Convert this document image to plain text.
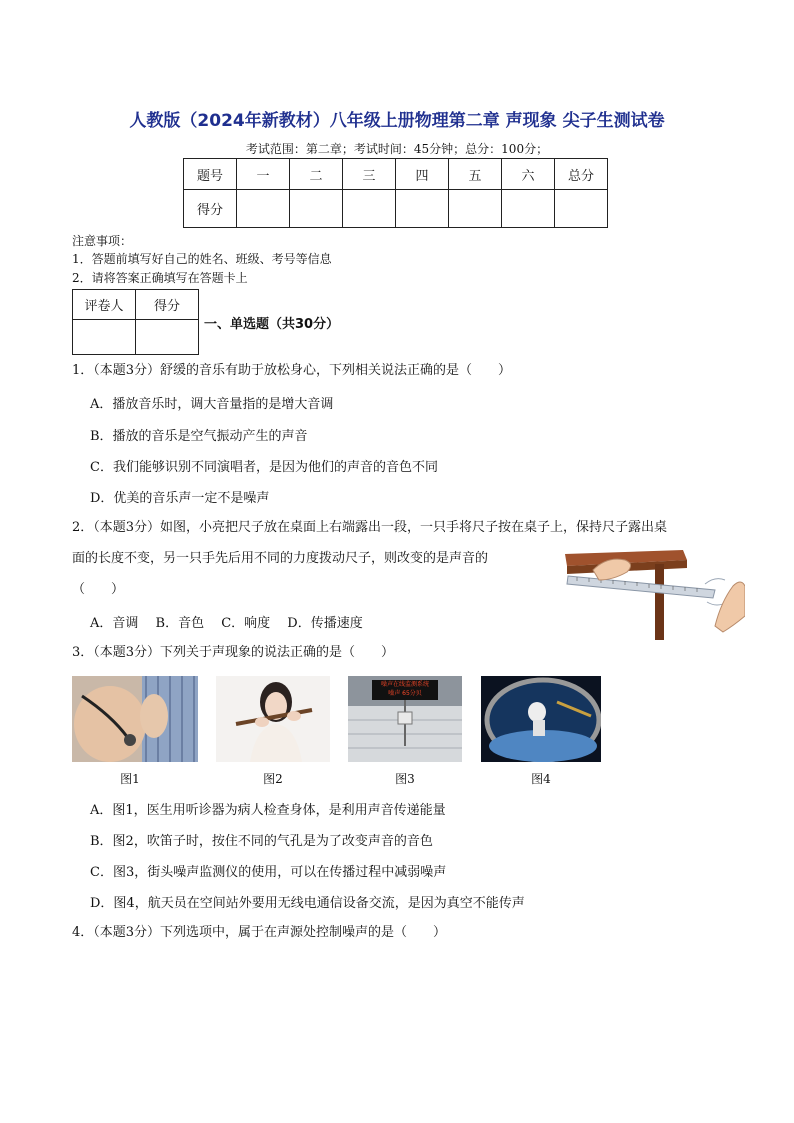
人教版（2024年新教材）八年级上册物理第二章 声现象 尖子生测试卷
考试范围：第二章；考试时间：45分钟；总分：100分；
题号	一	二	三	四	五	六	总分
得分							
注意事项：
1．答题前填写好自己的姓名、班级、考号等信息
2．请将答案正确填写在答题卡上
评卷人	得分

一、单选题（共30分）
1．（本题3分）舒缓的音乐有助于放松身心，下列相关说法正确的是（　　）
A．播放音乐时，调大音量指的是增大音调
B．播放的音乐是空气振动产生的声音
C．我们能够识别不同演唱者，是因为他们的声音的音色不同
D．优美的音乐声一定不是噪声
2．（本题3分）如图，小亮把尺子放在桌面上右端露出一段，一只手将尺子按在桌子上，保持尺子露出桌
面的长度不变，另一只手先后用不同的力度拨动尺子，则改变的是声音的
（　　）
A．音调　 B．音色　 C．响度　 D．传播速度
3．（本题3分）下列关于声现象的说法正确的是（　　）
噪声在线监测系统
噪声 65分贝
图1	图2	图3	图4
A．图1，医生用听诊器为病人检查身体，是利用声音传递能量
B．图2，吹笛子时，按住不同的气孔是为了改变声音的音色
C．图3，街头噪声监测仪的使用，可以在传播过程中减弱噪声
D．图4，航天员在空间站外要用无线电通信设备交流，是因为真空不能传声
4．（本题3分）下列选项中，属于在声源处控制噪声的是（　　）
